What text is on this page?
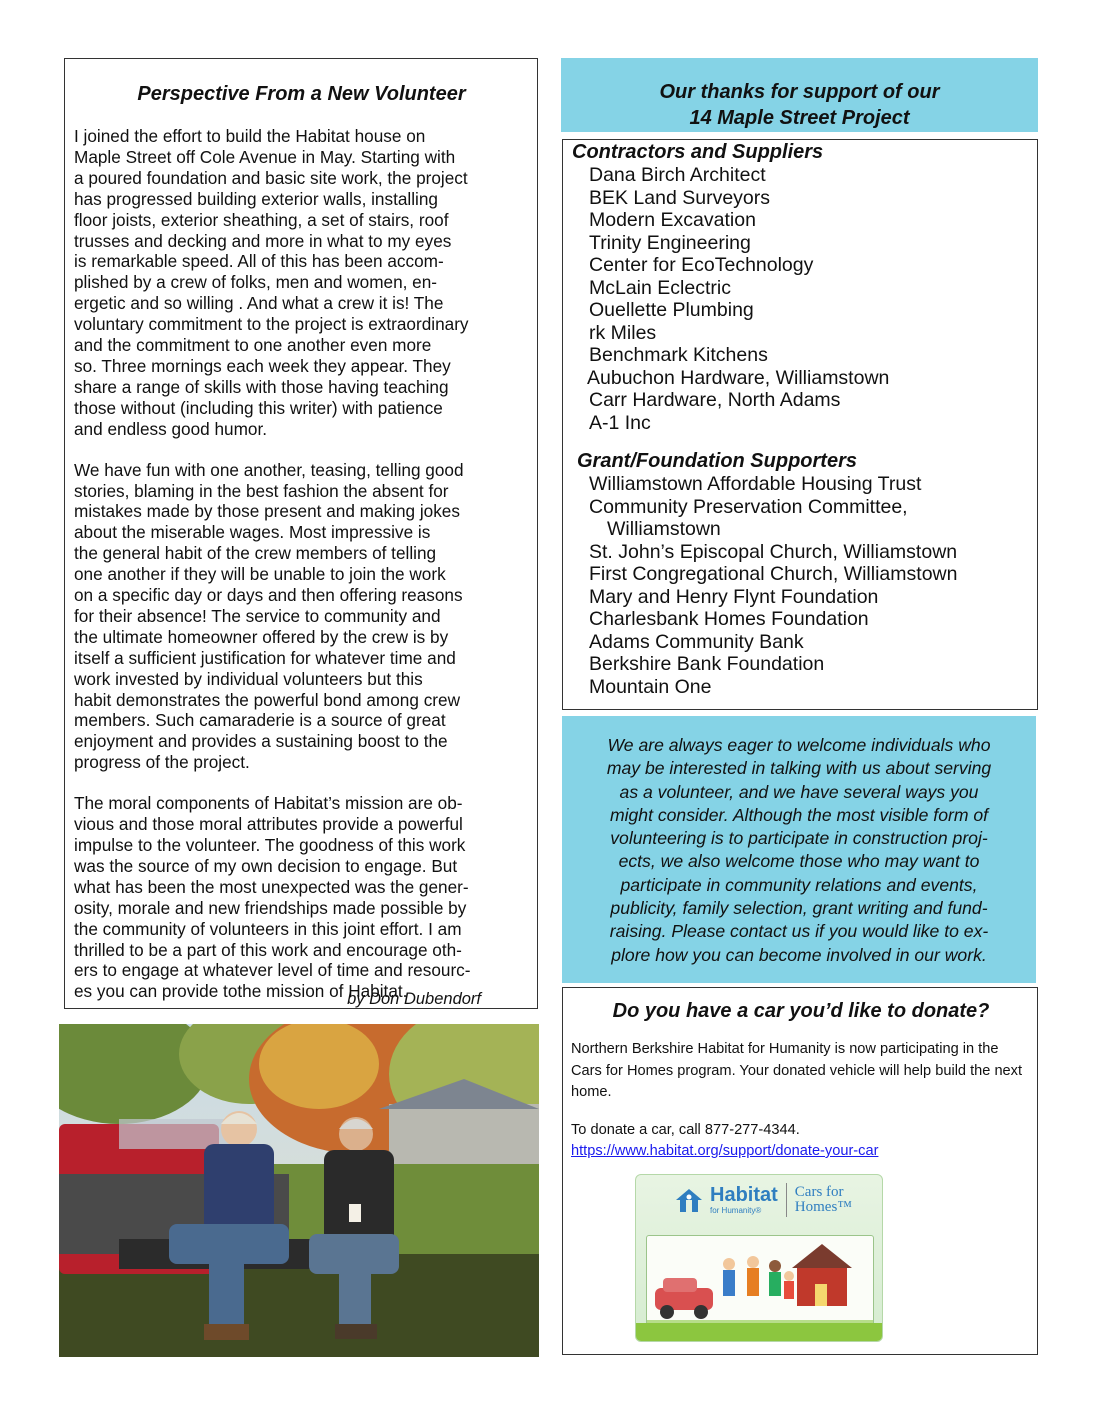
Perspective From a New Volunteer

I joined the effort to build the Habitat house on
Maple Street off Cole Avenue in May. Starting with
a poured foundation and basic site work, the project
has progressed building exterior walls, installing
floor joists, exterior sheathing, a set of stairs, roof
trusses and decking and more in what to my eyes
is remarkable speed. All of this has been accom-
plished by a crew of folks, men and women, en-
ergetic and so willing . And what a crew it is! The
voluntary commitment to the project is extraordinary
and the commitment to one another even more
so. Three mornings each week they appear. They
share a range of skills with those having teaching
those without (including this writer) with patience
and endless good humor.

We have fun with one another, teasing, telling good
stories, blaming in the best fashion the absent for
mistakes made by those present and making jokes
about the miserable wages. Most impressive is
the general habit of the crew members of telling
one another if they will be unable to join the work
on a specific day or days and then offering reasons
for their absence! The service to community and
the ultimate homeowner offered by the crew is by
itself a sufficient justification for whatever time and
work invested by individual volunteers but this
habit demonstrates the powerful bond among crew
members. Such camaraderie is a source of great
enjoyment and provides a sustaining boost to the
progress of the project.

The moral components of Habitat’s mission are ob-
vious and those moral attributes provide a powerful
impulse to the volunteer. The goodness of this work
was the source of my own decision to engage. But
what has been the most unexpected was the gener-
osity, morale and new friendships made possible by
the community of volunteers in this joint effort. I am
thrilled to be a part of this work and encourage oth-
ers to engage at whatever level of time and resourc-
es you can provide tothe mission of Habitat.

by Don Dubendorf
Our thanks for support of our
14 Maple Street Project
Contractors and Suppliers
Dana Birch Architect
BEK Land Surveyors
Modern Excavation
Trinity Engineering
Center for EcoTechnology
McLain Eclectric
Ouellette Plumbing
rk Miles
Benchmark Kitchens
Aubuchon Hardware, Williamstown
Carr Hardware, North Adams
A-1 Inc
Grant/Foundation Supporters
Williamstown Affordable Housing Trust
Community Preservation Committee,
Williamstown
St. John’s Episcopal Church, Williamstown
First Congregational Church, Williamstown
Mary and Henry Flynt Foundation
Charlesbank Homes Foundation
Adams Community Bank
Berkshire Bank Foundation
Mountain One
We are always eager to welcome individuals who
may be interested in talking with us about serving
as a volunteer, and we have several ways you
might consider. Although the most visible form of
volunteering is to participate in construction proj-
ects, we also welcome those who may want to
participate in community relations and events,
publicity, family selection, grant writing and fund-
raising. Please contact us if you would like to ex-
plore how you can become involved in our work.
Do you have a car you’d like to donate?

Northern Berkshire Habitat for Humanity is now participating in the Cars for Homes program. Your donated vehicle will help build the next home.

To donate a car, call 877-277-4344.
https://www.habitat.org/support/donate-your-car

Habitat
for Humanity®
Cars for
Homes™
